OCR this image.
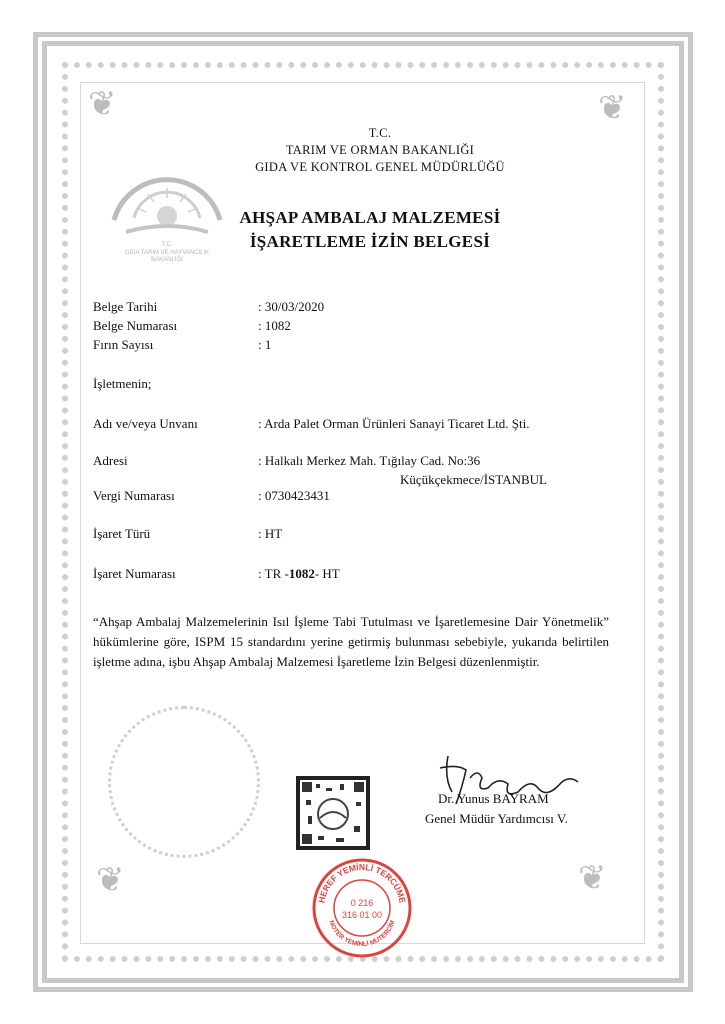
❦	❦
❦	❦
T.C.
GIDA TARIM VE HAYVANCILIK
BAKANLIĞI
T.C.
TARIM VE ORMAN BAKANLIĞI
GIDA VE KONTROL GENEL MÜDÜRLÜĞÜ
AHŞAP AMBALAJ MALZEMESİ
İŞARETLEME İZİN BELGESİ
Belge Tarihi	: 30/03/2020
Belge Numarası	: 1082
Fırın Sayısı	: 1
İşletmenin;
Adı ve/veya Unvanı	: Arda Palet Orman Ürünleri Sanayi Ticaret Ltd. Şti.
Adresi	: Halkalı Merkez Mah. Tığılay Cad. No:36
Küçükçekmece/İSTANBUL
Vergi Numarası	: 0730423431
İşaret Türü	: HT
İşaret Numarası	: TR -1082- HT
“Ahşap Ambalaj Malzemelerinin Isıl İşleme Tabi Tutulması ve İşaretlemesine Dair Yönetmelik” hükümlerine göre, ISPM 15 standardını yerine getirmiş bulunması sebebiyle, yukarıda belirtilen işletme adına, işbu Ahşap Ambalaj Malzemesi İşaretleme İzin Belgesi düzenlenmiştir.
Dr. Yunus BAYRAM
Genel Müdür Yardımcısı V.
HEREF YEMİNLİ TERCÜME
NOTER YEMİNLİ MÜTERCİM
0 216
316 01 00
